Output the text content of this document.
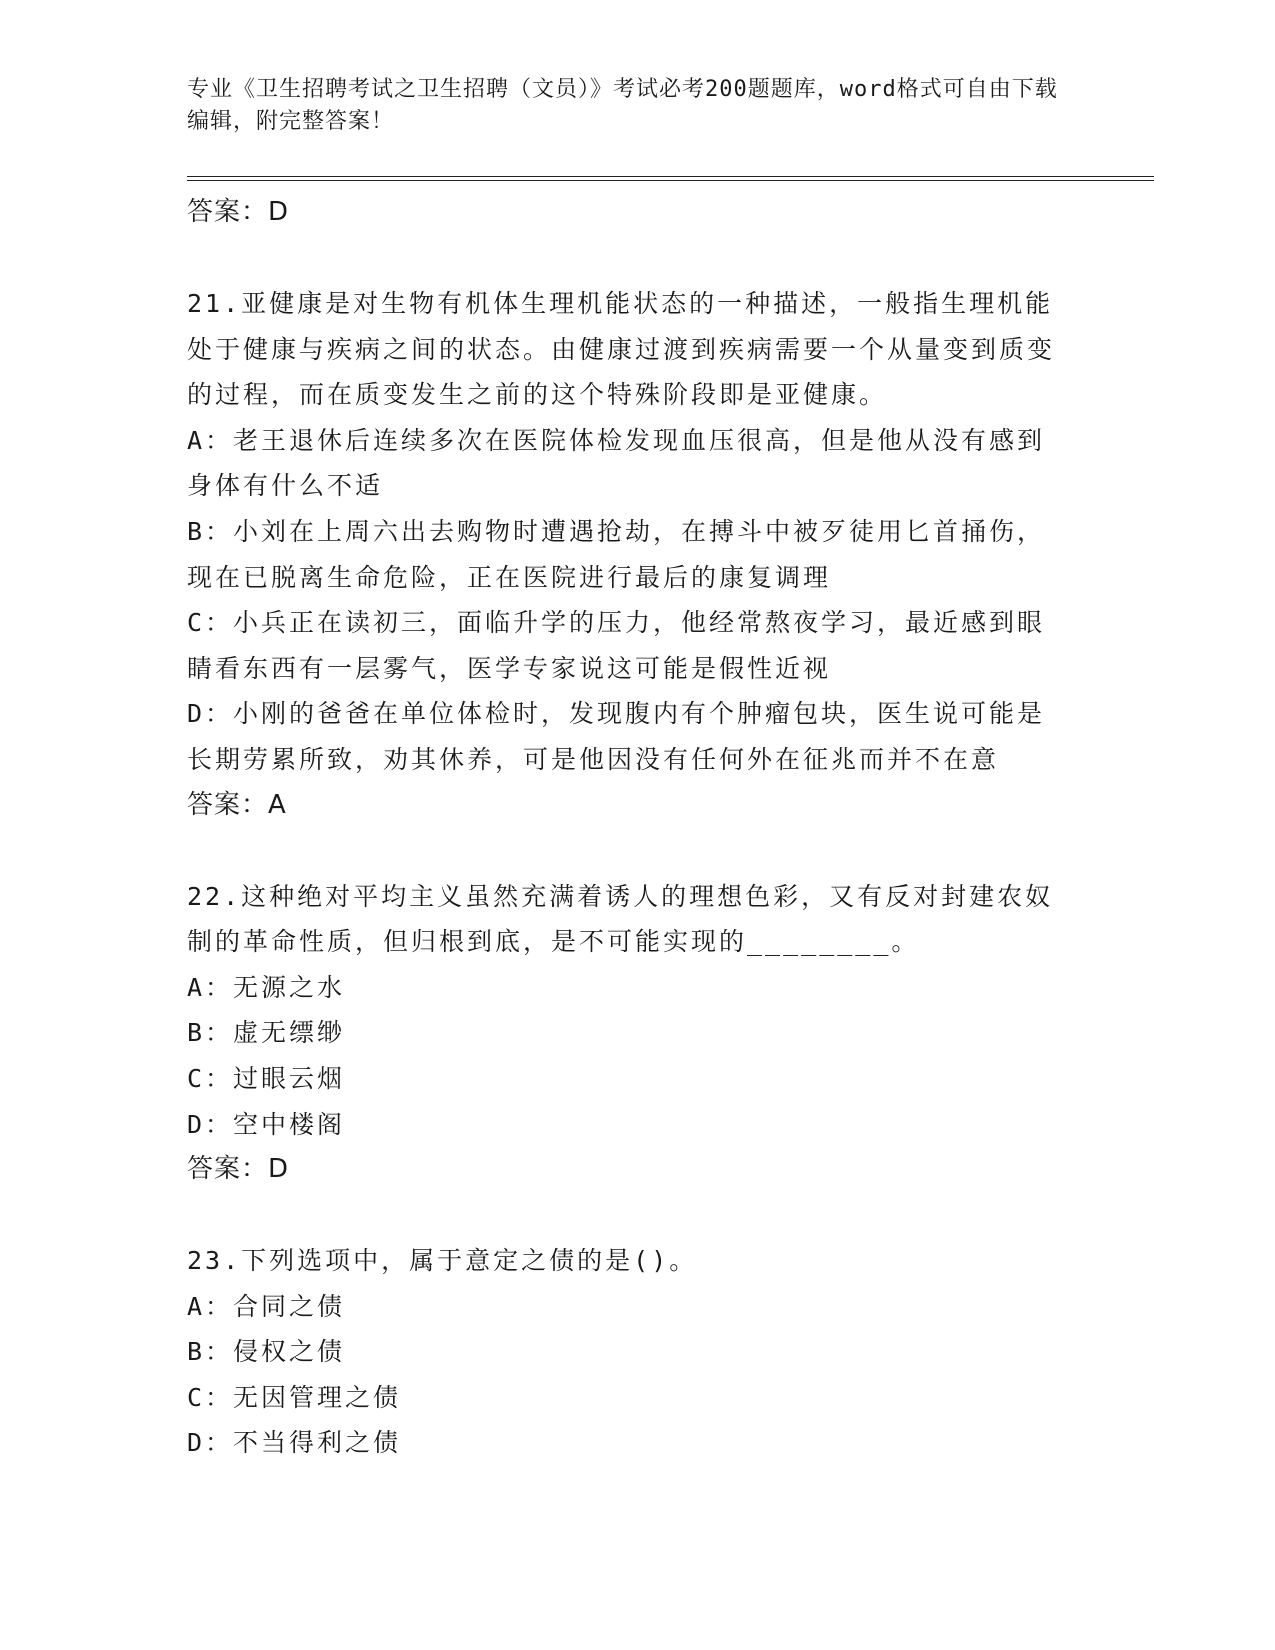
专业《卫生招聘考试之卫生招聘（文员）》考试必考200题题库，word格式可自由下载编辑，附完整答案！
答案：D
21.亚健康是对生物有机体生理机能状态的一种描述，一般指生理机能处于健康与疾病之间的状态。由健康过渡到疾病需要一个从量变到质变的过程，而在质变发生之前的这个特殊阶段即是亚健康。
A：老王退休后连续多次在医院体检发现血压很高，但是他从没有感到身体有什么不适
B：小刘在上周六出去购物时遭遇抢劫，在搏斗中被歹徒用匕首捅伤，现在已脱离生命危险，正在医院进行最后的康复调理
C：小兵正在读初三，面临升学的压力，他经常熬夜学习，最近感到眼睛看东西有一层雾气，医学专家说这可能是假性近视
D：小刚的爸爸在单位体检时，发现腹内有个肿瘤包块，医生说可能是长期劳累所致，劝其休养，可是他因没有任何外在征兆而并不在意
答案：A
22.这种绝对平均主义虽然充满着诱人的理想色彩，又有反对封建农奴制的革命性质，但归根到底，是不可能实现的________。
A：无源之水
B：虚无缥缈
C：过眼云烟
D：空中楼阁
答案：D
23.下列选项中，属于意定之债的是()。
A：合同之债
B：侵权之债
C：无因管理之债
D：不当得利之债
